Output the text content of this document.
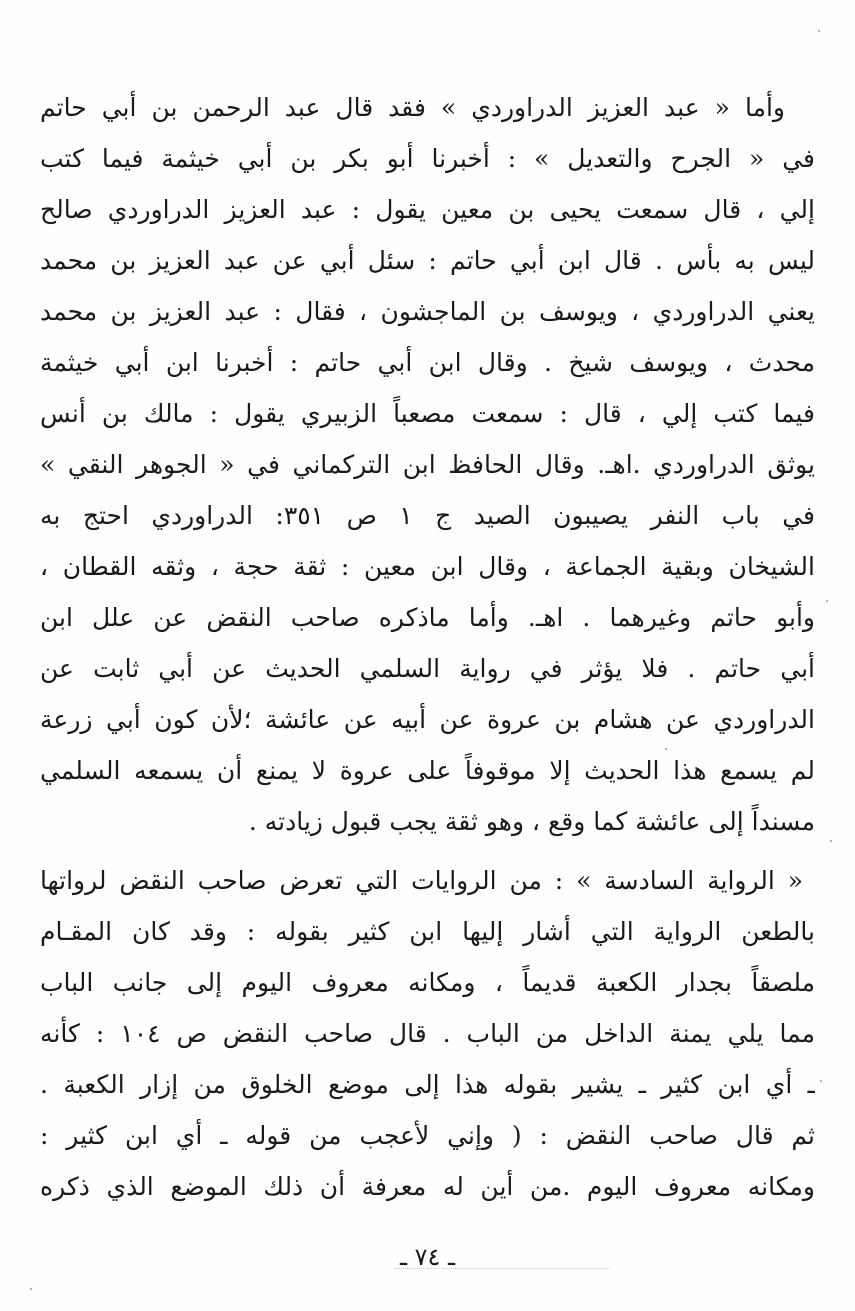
وأما « عبد العزيز الدراوردي » فقد قال عبد الرحمن بن أبي حاتم
في « الجرح والتعديل » : أخبرنا أبو بكر بن أبي خيثمة فيما كتب
إلي ، قال سمعت يحيى بن معين يقول : عبد العزيز الدراوردي صالح
ليس به بأس . قال ابن أبي حاتم : سئل أبي عن عبد العزيز بن محمد
يعني الدراوردي ، ويوسف بن الماجشون ، فقال : عبد العزيز بن محمد
محدث ، ويوسف شيخ . وقال ابن أبي حاتم : أخبرنا ابن أبي خيثمة
فيما كتب إلي ، قال : سمعت مصعباً الزبيري يقول : مالك بن أنس
يوثق الدراوردي .اهـ. وقال الحافظ ابن التركماني في « الجوهر النقي »
في باب النفر يصيبون الصيد ج ١ ص ٣٥١: الدراوردي احتج به
الشيخان وبقية الجماعة ، وقال ابن معين : ثقة حجة ، وثقه القطان ،
وأبو حاتم وغيرهما . اهـ. وأما ماذكره صاحب النقض عن علل ابن
أبي حاتم . فلا يؤثر في رواية السلمي الحديث عن أبي ثابت عن
الدراوردي عن هشام بن عروة عن أبيه عن عائشة ؛لأن كون أبي زرعة
لم يسمع هذا الحديث إلا موقوفاً على عروة لا يمنع أن يسمعه السلمي
مسنداً إلى عائشة كما وقع ، وهو ثقة يجب قبول زيادته .
« الرواية السادسة » : من الروايات التي تعرض صاحب النقض لرواتها
بالطعن الرواية التي أشار إليها ابن كثير بقوله : وقد كان المقـام
ملصقاً بجدار الكعبة قديماً ، ومكانه معروف اليوم إلى جانب الباب
مما يلي يمنة الداخل من الباب . قال صاحب النقض ص ١٠٤ : كأنه
ـ أي ابن كثير ـ يشير بقوله هذا إلى موضع الخلوق من إزار الكعبة .
ثم قال صاحب النقض : ( وإني لأعجب من قوله ـ أي ابن كثير :
ومكانه معروف اليوم .من أين له معرفة أن ذلك الموضع الذي ذكره
ـ ٧٤ ـ
